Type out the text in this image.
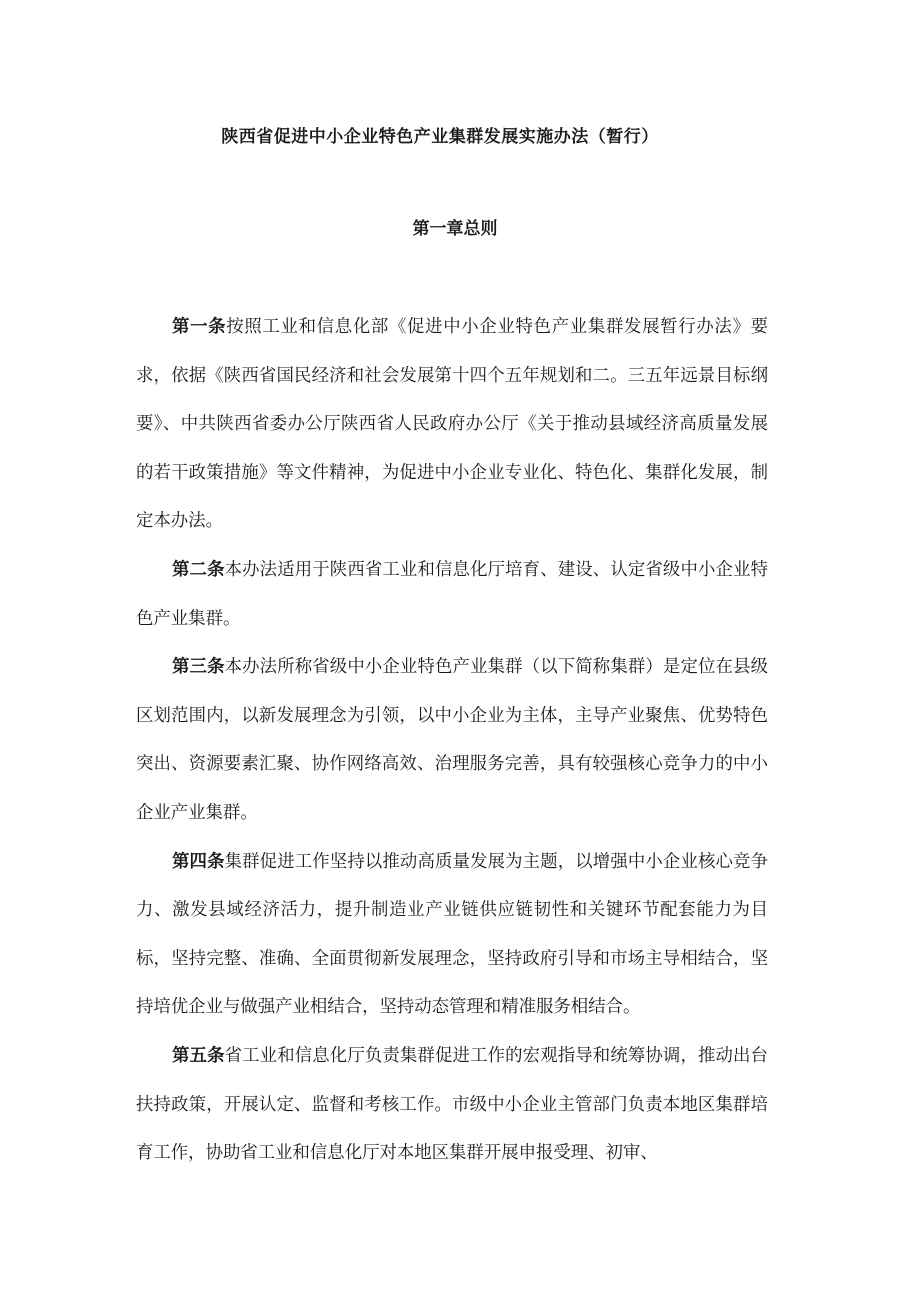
陕西省促进中小企业特色产业集群发展实施办法（暂行）
第一章总则

第一条按照工业和信息化部《促进中小企业特色产业集群发展暂行办法》要求，依据《陕西省国民经济和社会发展第十四个五年规划和二。三五年远景目标纲要》、中共陕西省委办公厅陕西省人民政府办公厅《关于推动县域经济高质量发展的若干政策措施》等文件精神，为促进中小企业专业化、特色化、集群化发展，制定本办法。

第二条本办法适用于陕西省工业和信息化厅培育、建设、认定省级中小企业特色产业集群。

第三条本办法所称省级中小企业特色产业集群（以下简称集群）是定位在县级区划范围内，以新发展理念为引领，以中小企业为主体，主导产业聚焦、优势特色突出、资源要素汇聚、协作网络高效、治理服务完善，具有较强核心竞争力的中小企业产业集群。

第四条集群促进工作坚持以推动高质量发展为主题，以增强中小企业核心竞争力、激发县域经济活力，提升制造业产业链供应链韧性和关键环节配套能力为目标，坚持完整、准确、全面贯彻新发展理念，坚持政府引导和市场主导相结合，坚持培优企业与做强产业相结合，坚持动态管理和精准服务相结合。

第五条省工业和信息化厅负责集群促进工作的宏观指导和统筹协调，推动出台扶持政策，开展认定、监督和考核工作。市级中小企业主管部门负责本地区集群培育工作，协助省工业和信息化厅对本地区集群开展申报受理、初审、
